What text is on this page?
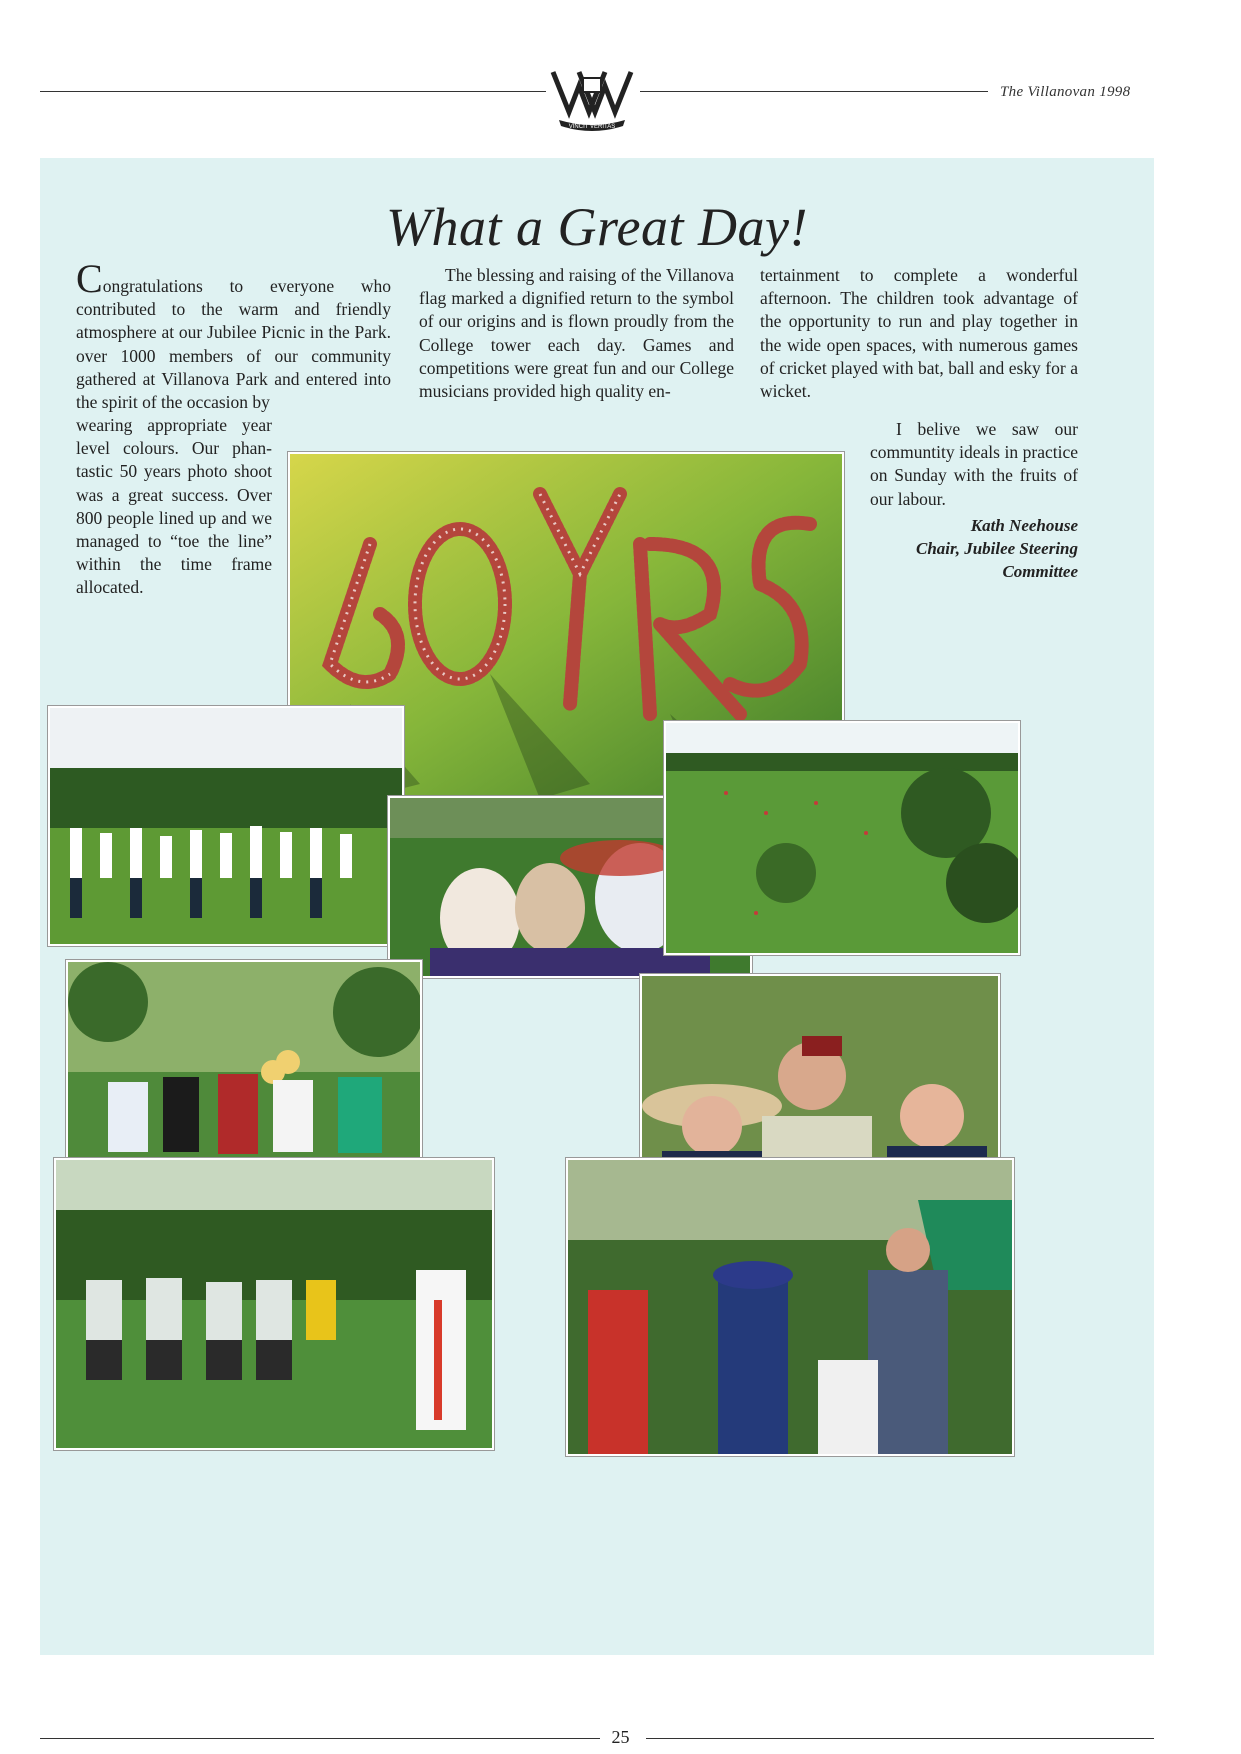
VINCIT VERITAS
The Villanovan 1998
What a Great Day!

Congratulations to everyone who contributed to the warm and friendly atmosphere at our Jubilee Picnic in the Park. over 1000 members of our community gathered at Villanova Park and entered into the spirit of the occasion by

wearing appropriate year level colours. Our phan-tastic 50 years photo shoot was a great success. Over 800 people lined up and we managed to “toe the line” within the time frame allocated.
The blessing and raising of the Villanova flag marked a dignified return to the symbol of our origins and is flown proudly from the College tower each day. Games and competitions were great fun and our College musicians provided high quality en-
tertainment to complete a wonderful afternoon. The children took advantage of the opportunity to run and play together in the wide open spaces, with numerous games of cricket played with bat, ball and esky for a wicket.
I belive we saw our communtity ideals in practice on Sunday with the fruits of our labour.
Kath Neehouse
Chair, Jubilee Steering
Committee
25
